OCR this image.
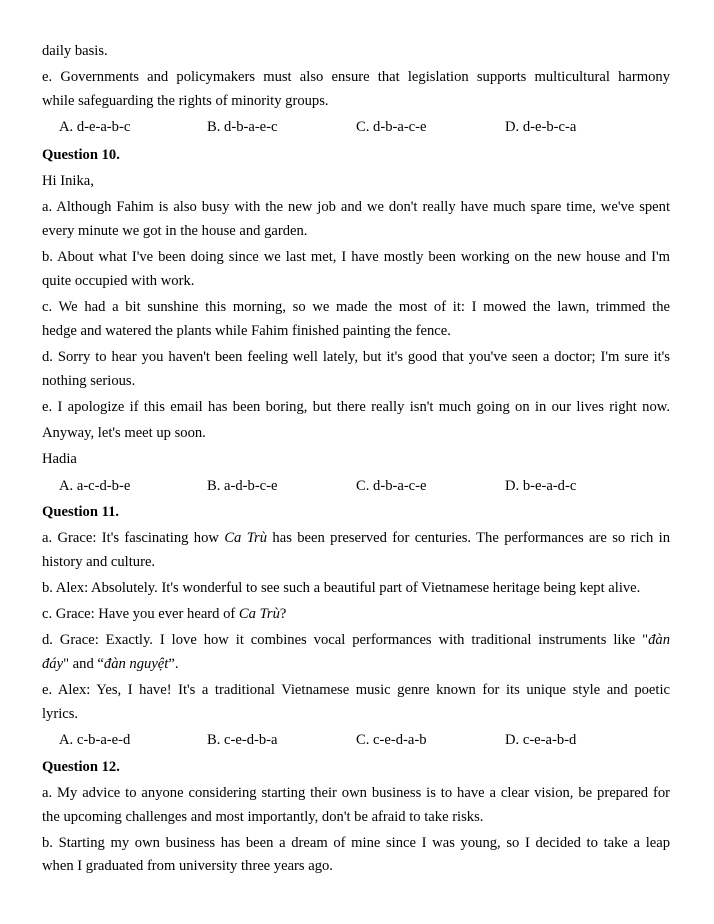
daily basis.
e. Governments and policymakers must also ensure that legislation supports multicultural harmony
while safeguarding the rights of minority groups.
A. d-e-a-b-c	B. d-b-a-e-c	C. d-b-a-c-e	D. d-e-b-c-a
Question 10.
Hi Inika,
a. Although Fahim is also busy with the new job and we don't really have much spare time, we've spent
every minute we got in the house and garden.
b. About what I've been doing since we last met, I have mostly been working on the new house and I'm
quite occupied with work.
c. We had a bit sunshine this morning, so we made the most of it: I mowed the lawn, trimmed the
hedge and watered the plants while Fahim finished painting the fence.
d. Sorry to hear you haven't been feeling well lately, but it's good that you've seen a doctor; I'm sure it's
nothing serious.
e. I apologize if this email has been boring, but there really isn't much going on in our lives right now.
Anyway, let's meet up soon.
Hadia
A. a-c-d-b-e	B. a-d-b-c-e	C. d-b-a-c-e	D. b-e-a-d-c
Question 11.
a. Grace: It's fascinating how Ca Trù has been preserved for centuries. The performances are so rich in
history and culture.
b. Alex: Absolutely. It's wonderful to see such a beautiful part of Vietnamese heritage being kept alive.
c. Grace: Have you ever heard of Ca Trù?
d. Grace: Exactly. I love how it combines vocal performances with traditional instruments like "đàn
đáy" and “đàn nguyệt”.
e. Alex: Yes, I have! It's a traditional Vietnamese music genre known for its unique style and poetic
lyrics.
A. c-b-a-e-d	B. c-e-d-b-a	C. c-e-d-a-b	D. c-e-a-b-d
Question 12.
a. My advice to anyone considering starting their own business is to have a clear vision, be prepared for
the upcoming challenges and most importantly, don't be afraid to take risks.
b. Starting my own business has been a dream of mine since I was young, so I decided to take a leap
when I graduated from university three years ago.
